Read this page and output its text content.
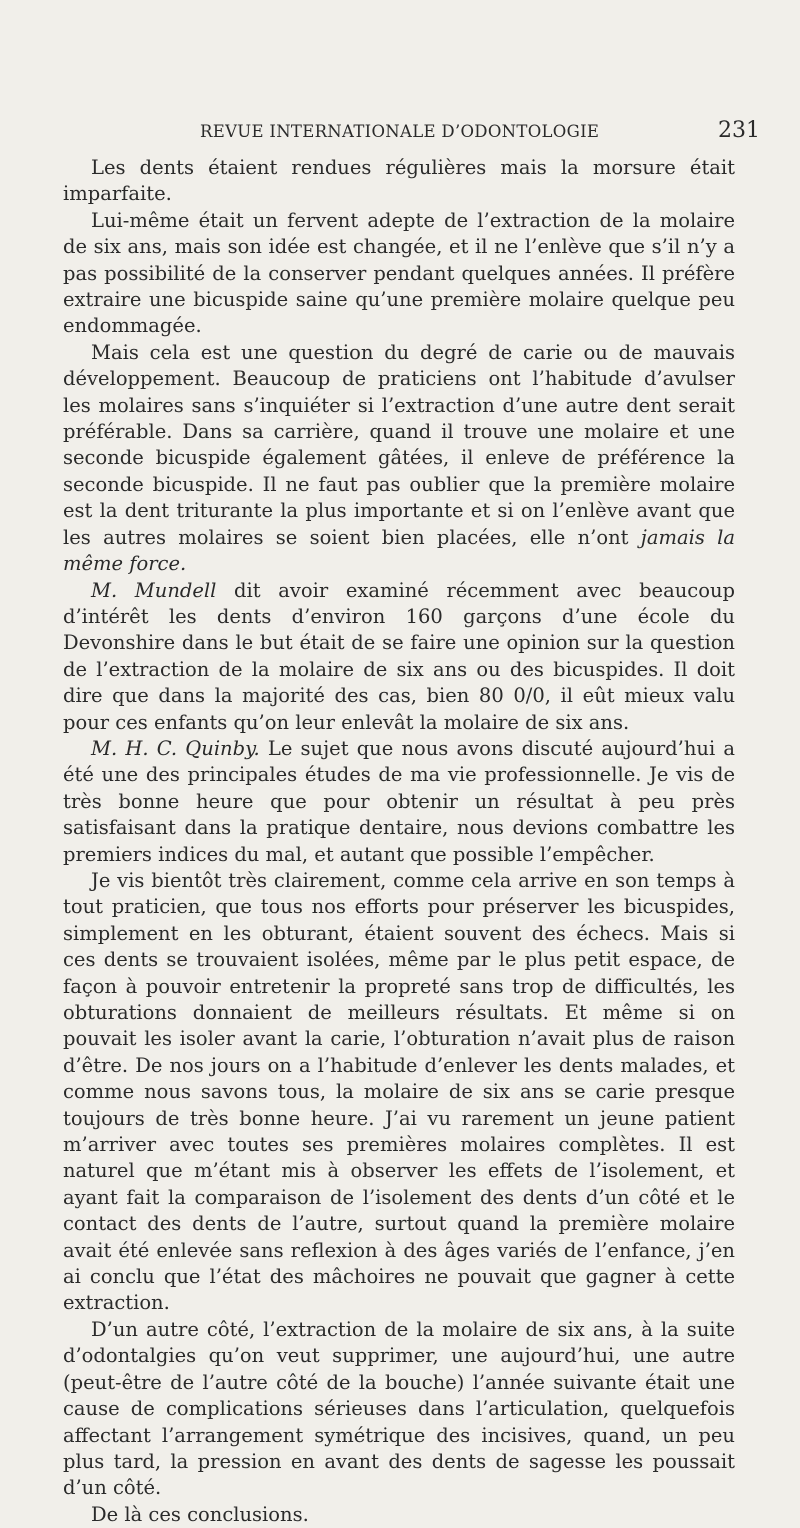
REVUE INTERNATIONALE D’ODONTOLOGIE	231

Les dents étaient rendues régulières mais la morsure était imparfaite.

Lui-même était un fervent adepte de l’extraction de la molaire de six ans, mais son idée est changée, et il ne l’enlève que s’il n’y a pas possibilité de la conserver pendant quelques années. Il préfère extraire une bicuspide saine qu’une première molaire quelque peu endommagée.

Mais cela est une question du degré de carie ou de mauvais développement. Beaucoup de praticiens ont l’habitude d’avulser les molaires sans s’inquiéter si l’extraction d’une autre dent serait préférable. Dans sa carrière, quand il trouve une molaire et une seconde bicuspide également gâtées, il enleve de préférence la seconde bicuspide. Il ne faut pas oublier que la première molaire est la dent triturante la plus importante et si on l’enlève avant que les autres molaires se soient bien placées, elle n’ont jamais la même force.

M. Mundell dit avoir examiné récemment avec beaucoup d’intérêt les dents d’environ 160 garçons d’une école du Devonshire dans le but était de se faire une opinion sur la question de l’extraction de la molaire de six ans ou des bicuspides. Il doit dire que dans la majorité des cas, bien 80 0/0, il eût mieux valu pour ces enfants qu’on leur enlevât la molaire de six ans.

M. H. C. Quinby. Le sujet que nous avons discuté aujourd’hui a été une des principales études de ma vie professionnelle. Je vis de très bonne heure que pour obtenir un résultat à peu près satisfaisant dans la pratique dentaire, nous devions combattre les premiers indices du mal, et autant que possible l’empêcher.

Je vis bientôt très clairement, comme cela arrive en son temps à tout praticien, que tous nos efforts pour préserver les bicuspides, simplement en les obturant, étaient souvent des échecs. Mais si ces dents se trouvaient isolées, même par le plus petit espace, de façon à pouvoir entretenir la propreté sans trop de difficultés, les obturations donnaient de meilleurs résultats. Et même si on pouvait les isoler avant la carie, l’obturation n’avait plus de raison d’être. De nos jours on a l’habitude d’enlever les dents malades, et comme nous savons tous, la molaire de six ans se carie presque toujours de très bonne heure. J’ai vu rarement un jeune patient m’arriver avec toutes ses premières molaires complètes. Il est naturel que m’étant mis à observer les effets de l’isolement, et ayant fait la comparaison de l’isolement des dents d’un côté et le contact des dents de l’autre, surtout quand la première molaire avait été enlevée sans reflexion à des âges variés de l’enfance, j’en ai conclu que l’état des mâchoires ne pouvait que gagner à cette extraction.

D’un autre côté, l’extraction de la molaire de six ans, à la suite d’odontalgies qu’on veut supprimer, une aujourd’hui, une autre (peut-être de l’autre côté de la bouche) l’année suivante était une cause de complications sérieuses dans l’articulation, quelquefois affectant l’arrangement symétrique des incisives, quand, un peu plus tard, la pression en avant des dents de sagesse les poussait d’un côté.

De là ces conclusions.
